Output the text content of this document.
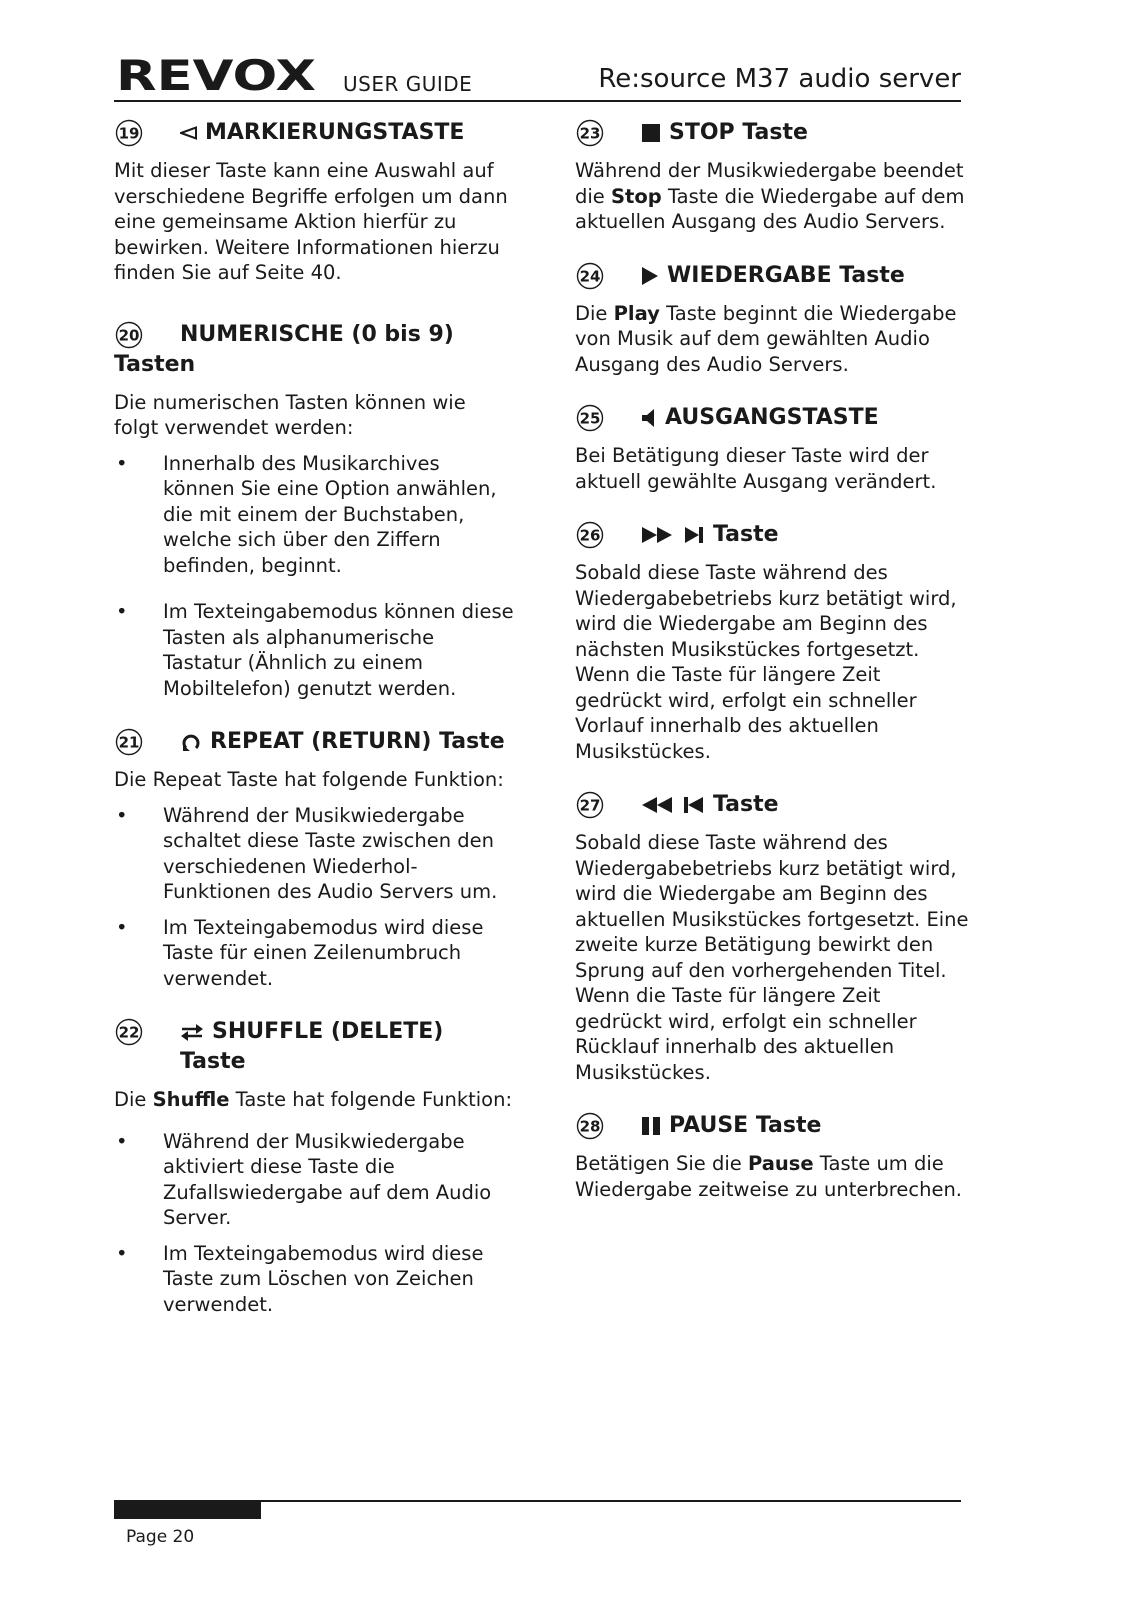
REVOX USER GUIDE	Re:source M37 audio server
19	MARKIERUNGSTASTE

Mit dieser Taste kann eine Auswahl auf verschiedene Begriffe erfolgen um dann eine gemeinsame Aktion hierfür zu bewirken. Weitere Informationen hierzu finden Sie auf Seite 40.

20 NUMERISCHE (0 bis 9) Tasten

Die numerischen Tasten können wie folgt verwendet werden:

• Innerhalb des Musikarchives können Sie eine Option anwählen, die mit einem der Buchstaben, welche sich über den Ziffern befinden, beginnt.
• Im Texteingabemodus können diese Tasten als alphanumerische Tastatur (Ähnlich zu einem Mobiltelefon) genutzt werden.
21	REPEAT (RETURN) Taste

Die Repeat Taste hat folgende Funktion:

• Während der Musikwiedergabe schaltet diese Taste zwischen den verschiedenen Wiederhol-Funktionen des Audio Servers um.
• Im Texteingabemodus wird diese Taste für einen Zeilenumbruch verwendet.
22	SHUFFLE (DELETE) Taste

Die Shuffle Taste hat folgende Funktion:

• Während der Musikwiedergabe aktiviert diese Taste die Zufallswiedergabe auf dem Audio Server.
• Im Texteingabemodus wird diese Taste zum Löschen von Zeichen verwendet.
23	STOP Taste

Während der Musikwiedergabe beendet die Stop Taste die Wiedergabe auf dem aktuellen Ausgang des Audio Servers.

24	WIEDERGABE Taste

Die Play Taste beginnt die Wiedergabe von Musik auf dem gewählten Audio Ausgang des Audio Servers.

25	AUSGANGSTASTE

Bei Betätigung dieser Taste wird der aktuell gewählte Ausgang verändert.

26	Taste

Sobald diese Taste während des Wiedergabebetriebs kurz betätigt wird, wird die Wiedergabe am Beginn des nächsten Musikstückes fortgesetzt. Wenn die Taste für längere Zeit gedrückt wird, erfolgt ein schneller Vorlauf innerhalb des aktuellen Musikstückes.

27	Taste

Sobald diese Taste während des Wiedergabebetriebs kurz betätigt wird, wird die Wiedergabe am Beginn des aktuellen Musikstückes fortgesetzt. Eine zweite kurze Betätigung bewirkt den Sprung auf den vorhergehenden Titel. Wenn die Taste für längere Zeit gedrückt wird, erfolgt ein schneller Rücklauf innerhalb des aktuellen Musikstückes.

28	PAUSE Taste

Betätigen Sie die Pause Taste um die Wiedergabe zeitweise zu unterbrechen.

Page 20
